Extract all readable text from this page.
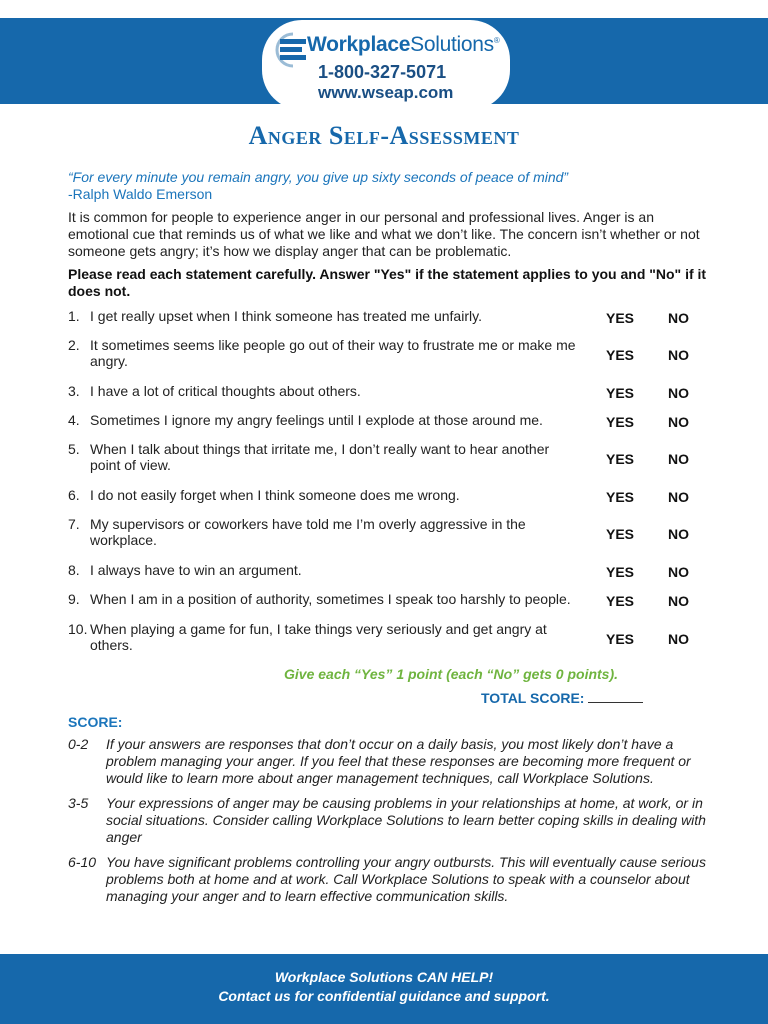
WorkplaceSolutions®
1-800-327-5071
www.wseap.com
Anger Self-Assessment
“For every minute you remain angry, you give up sixty seconds of peace of mind”
-Ralph Waldo Emerson
It is common for people to experience anger in our personal and professional lives. Anger is an emotional cue that reminds us of what we like and what we don’t like. The concern isn’t whether or not someone gets angry; it’s how we display anger that can be problematic.
Please read each statement carefully. Answer "Yes" if the statement applies to you and "No" if it does not.
1. I get really upset when I think someone has treated me unfairly.	YES NO
2. It sometimes seems like people go out of their way to frustrate me or make me angry.	YES NO
3. I have a lot of critical thoughts about others.	YES NO
4. Sometimes I ignore my angry feelings until I explode at those around me.	YES NO
5. When I talk about things that irritate me, I don’t really want to hear another point of view.	YES NO
6. I do not easily forget when I think someone does me wrong.	YES NO
7. My supervisors or coworkers have told me I’m overly aggressive in the workplace.	YES NO
8. I always have to win an argument.	YES NO
9. When I am in a position of authority, sometimes I speak too harshly to people.	YES NO
10. When playing a game for fun, I take things very seriously and get angry at others.	YES NO
Give each “Yes” 1 point (each “No” gets 0 points).
TOTAL SCORE:
SCORE:
0-2 If your answers are responses that don’t occur on a daily basis, you most likely don’t have a problem managing your anger. If you feel that these responses are becoming more frequent or would like to learn more about anger management techniques, call Workplace Solutions.
3-5 Your expressions of anger may be causing problems in your relationships at home, at work, or in social situations. Consider calling Workplace Solutions to learn better coping skills in dealing with anger
6-10 You have significant problems controlling your angry outbursts. This will eventually cause serious problems both at home and at work. Call Workplace Solutions to speak with a counselor about managing your anger and to learn effective communication skills.
Workplace Solutions CAN HELP!
Contact us for confidential guidance and support.
